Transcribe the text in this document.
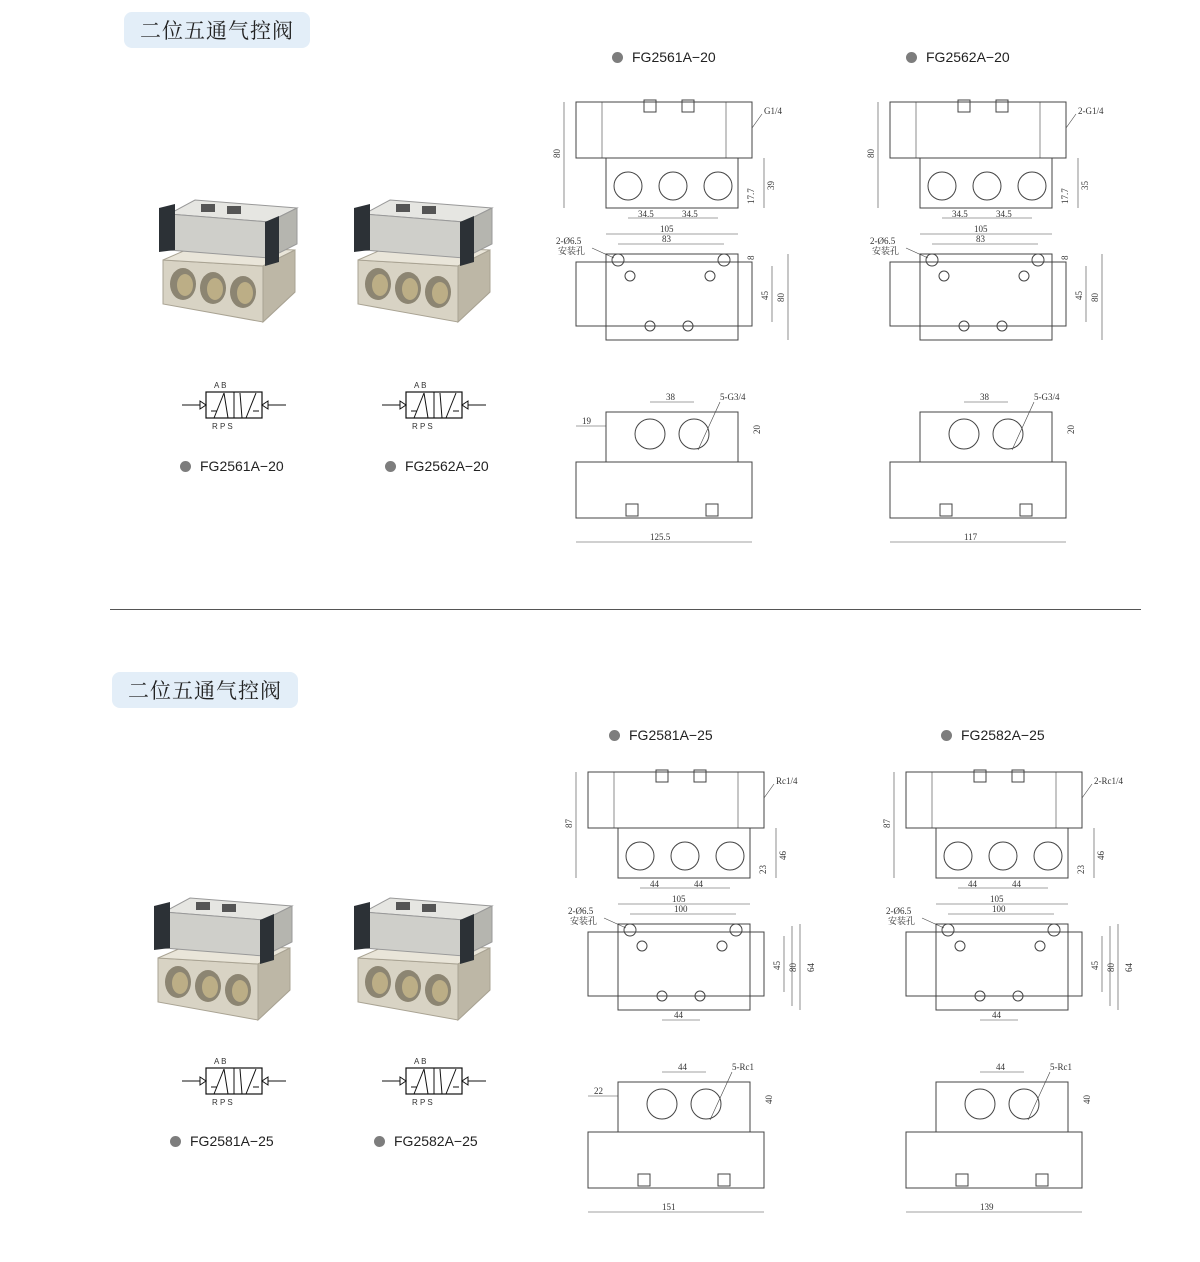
二位五通气控阀
A B
R P S
A B
R P S
FG2561A−20	FG2562A−20
FG2561A−20	FG2562A−20
80
39
17.7
34.5	34.5
G1/4
105
83
2-Ø6.5
安装孔
45 80
8
38	5-G3/4
125.5
20
19
80
35
17.7
34.5	34.5
2-G1/4
105
83
2-Ø6.5
安装孔
45 80
8
38	5-G3/4
117
20
二位五通气控阀
A B
R P S
A B
R P S
FG2581A−25	FG2582A−25
FG2581A−25	FG2582A−25
87
46
23
44	44
Rc1/4
105
100
2-Ø6.5
安装孔
45 80 64
44
44	5-Rc1
151
40
22
87
46
23
44	44
2-Rc1/4
105
100
2-Ø6.5
安装孔
45 80 64
44
44	5-Rc1
139
40
